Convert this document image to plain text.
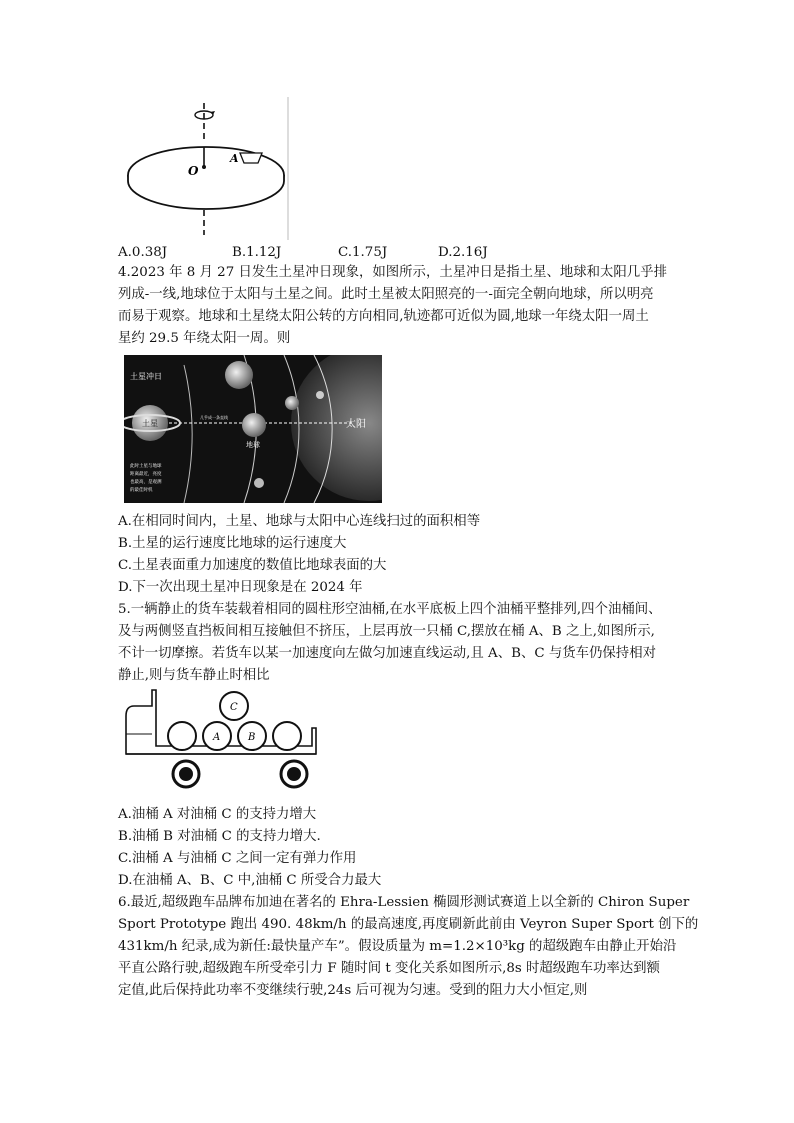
O
A
A.0.38J	B.1.12J	C.1.75J	D.2.16J
4.2023 年 8 月 27 日发生土星冲日现象，如图所示，土星冲日是指土星、地球和太阳几乎排
列成-一线,地球位于太阳与土星之间。此时土星被太阳照亮的一-面完全朝向地球，所以明亮
而易于观察。地球和土星绕太阳公转的方向相同,轨迹都可近似为圆,地球一年绕太阳一周土
星约 29.5 年绕太阳一周。则
土星冲日
土星
地球
太阳
几乎成一条直线
此时土星与地球
距离最近，亮度
也最高，是观测
的最佳时机
A.在相同时间内，土星、地球与太阳中心连线扫过的面积相等
B.土星的运行速度比地球的运行速度大
C.土星表面重力加速度的数值比地球表面的大
D.下一次出现土星冲日现象是在 2024 年
5.一辆静止的货车装载着相同的圆柱形空油桶,在水平底板上四个油桶平整排列,四个油桶间、
及与两侧竖直挡板间相互接触但不挤压，上层再放一只桶 C,摆放在桶 A、B 之上,如图所示,
不计一切摩擦。若货车以某一加速度向左做匀加速直线运动,且 A、B、C 与货车仍保持相对
静止,则与货车静止时相比
A	B
C
A.油桶 A 对油桶 C 的支持力增大
B.油桶 B 对油桶 C 的支持力增大.
C.油桶 A 与油桶 C 之间一定有弹力作用
D.在油桶 A、B、C 中,油桶 C 所受合力最大
6.最近,超级跑车品牌布加迪在著名的 Ehra-Lessien 椭圆形测试赛道上以全新的 Chiron Super
Sport Prototype 跑出 490. 48km/h 的最高速度,再度刷新此前由 Veyron Super Sport 创下的
431km/h 纪录,成为新任:最快量产车”。假设质量为 m=1.2×10³kg 的超级跑车由静止开始沿
平直公路行驶,超级跑车所受牵引力 F 随时间 t 变化关系如图所示,8s 时超级跑车功率达到额
定值,此后保持此功率不变继续行驶,24s 后可视为匀速。受到的阻力大小恒定,则
